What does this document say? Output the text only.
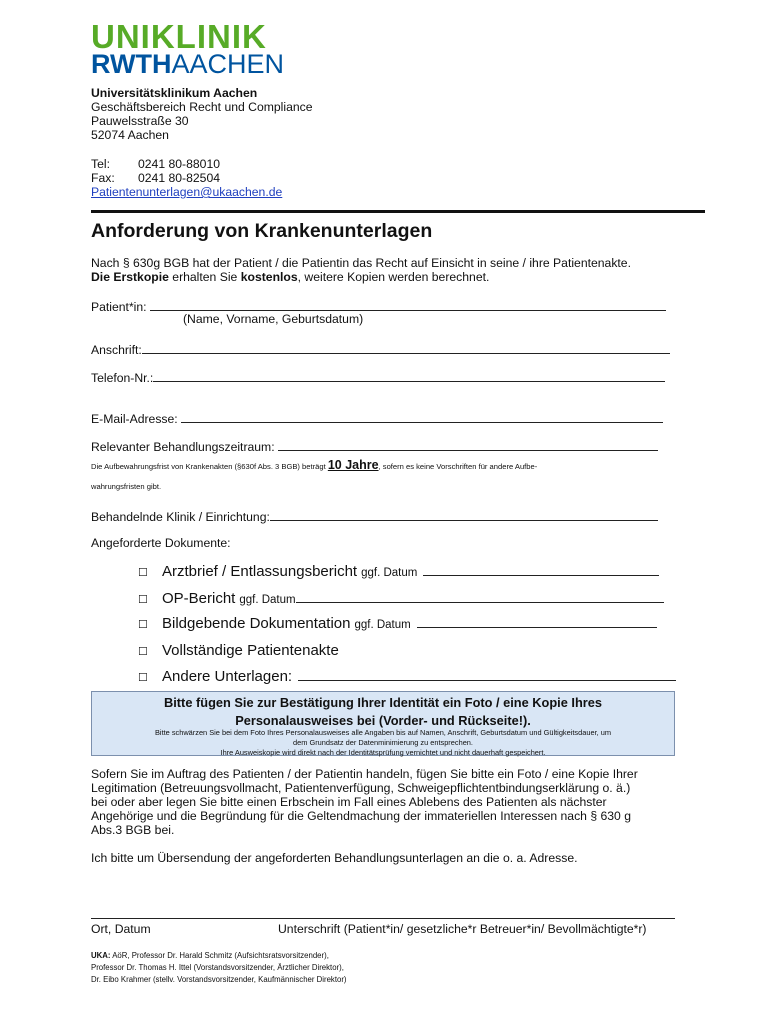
UNIKLINIK
RWTHAACHEN
Universitätsklinikum Aachen
Geschäftsbereich Recht und Compliance
Pauwelsstraße 30
52074 Aachen
Tel:	0241 80-88010
Fax:	0241 80-82504
Patientenunterlagen@ukaachen.de
Anforderung von Krankenunterlagen
Nach § 630g BGB hat der Patient / die Patientin das Recht auf Einsicht in seine / ihre Patientenakte.
Die Erstkopie erhalten Sie kostenlos, weitere Kopien werden berechnet.
Patient*in:
(Name, Vorname, Geburtsdatum)
Anschrift:
Telefon-Nr.:
E-Mail-Adresse:
Relevanter Behandlungszeitraum:
Die Aufbewahrungsfrist von Krankenakten (§630f Abs. 3 BGB) beträgt 10 Jahre, sofern es keine Vorschriften für andere Aufbe-
wahrungsfristen gibt.
Behandelnde Klinik / Einrichtung:
Angeforderte Dokumente:
☐ Arztbrief / Entlassungsbericht ggf. Datum
☐ OP-Bericht ggf. Datum
☐ Bildgebende Dokumentation ggf. Datum
☐ Vollständige Patientenakte
☐ Andere Unterlagen:
Bitte fügen Sie zur Bestätigung Ihrer Identität ein Foto / eine Kopie Ihres
Personalausweises bei (Vorder- und Rückseite!).
Bitte schwärzen Sie bei dem Foto Ihres Personalausweises alle Angaben bis auf Namen, Anschrift, Geburtsdatum und Gültigkeitsdauer, um
dem Grundsatz der Datenminimierung zu entsprechen.
Ihre Ausweiskopie wird direkt nach der Identitätsprüfung vernichtet und nicht dauerhaft gespeichert.
Sofern Sie im Auftrag des Patienten / der Patientin handeln, fügen Sie bitte ein Foto / eine Kopie Ihrer
Legitimation (Betreuungsvollmacht, Patientenverfügung, Schweigepflichtentbindungserklärung o. ä.)
bei oder aber legen Sie bitte einen Erbschein im Fall eines Ablebens des Patienten als nächster
Angehörige und die Begründung für die Geltendmachung der immateriellen Interessen nach § 630 g
Abs.3 BGB bei.
Ich bitte um Übersendung der angeforderten Behandlungsunterlagen an die o. a. Adresse.
Ort, Datum	Unterschrift (Patient*in/ gesetzliche*r Betreuer*in/ Bevollmächtigte*r)
UKA: AöR, Professor Dr. Harald Schmitz (Aufsichtsratsvorsitzender),
Professor Dr. Thomas H. Ittel (Vorstandsvorsitzender, Ärztlicher Direktor),
Dr. Eibo Krahmer (stellv. Vorstandsvorsitzender, Kaufmännischer Direktor)
